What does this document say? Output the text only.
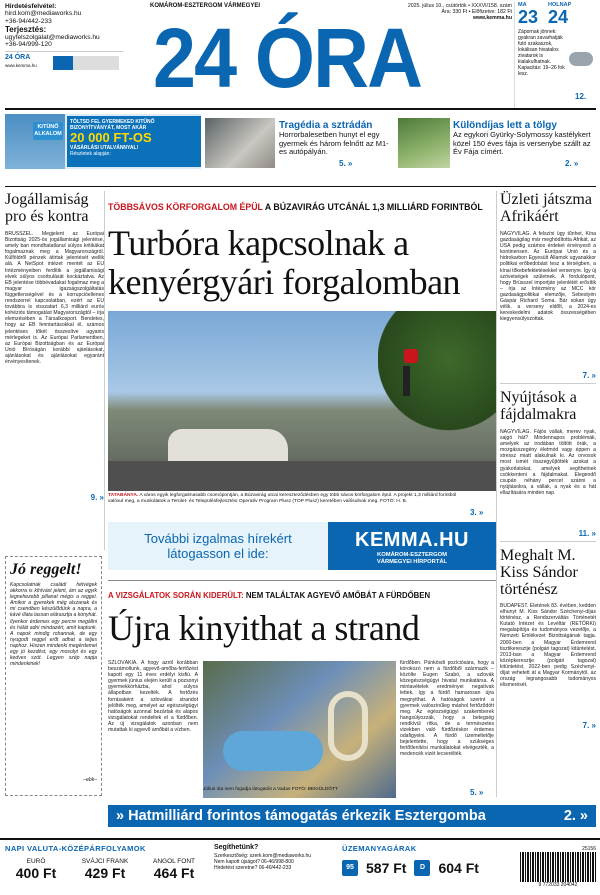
Hirdetésfelvétel:
hird.kom@mediaworks.hu
+36-94/442-233
Terjesztés:
ugyfelszolgalat@mediaworks.hu
+36-94/999-120
24 ÓRA
www.kemma.hu
KOMÁROM-ESZTERGOM VÁRMEGYEI	2025. július 10., csütörtök • XXXVI/158. szám
Ára: 330 Ft • Előfizetve: 182 Ft
www.kemma.hu
24 ÓRA
MA
23
HOLNAP
24
Zápornak jönnek: gyakran zavarhatják futó szakaszok, lokálisan hivatalos zivatarok is kialakulhatnak. Kapacitás: 19–26 fok lesz.
12.
KITÜNŐ ALKALOM
TÖLTSD FEL GYERMEKED KITŰNŐ BIZONYÍTVÁNYÁT, MOST AKÁR
20 000 FT-OS
VÁSÁRLÁSI UTALVÁNNYAL!
Részletek alapján:
Tragédia a sztrádán
Horrorbalesetben hunyt el egy gyermek és három felnőtt az M1-es autópályán.
5. »
Különdíjas lett a tölgy
Az egykori Gyürky-Solymossy kastélykert közel 150 éves fája is versenybe szállt az Év Fája címért.
2. »
Jogállamiság pro és kontra
BRÜSSZEL. Megjelent az Európai Bizottság 2025-ös jogállamisági jelentése, amely ban mondhatatlanul súlyos kritikákat fogalmaznak meg a Magyarországról. Külföldről pénzek átirtak jelentését wellik alá. A NetSpot intézet mentét az EU Intézményeiben ferdítik a jogállamisági elvek súlyos csorbulását kockáztatva. Az EB jelentése többévadakat fogalmaz meg a magyar igazságszolgáltatás függetlenségével és a korrupcióellenes rendszerrel kapcsolatban, ezért az EU továbbra is visszatart 6,3 milliárd eurós kohéziós támogatást Magyarországtól – írja elemzésében a Társalkosport. Bendetes, hogy az EB fenntartásokkal él, számos jelentéses tőkét összesítve ugyanis mérlegeket is. Az Európai Parlamentben, az Európai Bizottságban és az Európai Unió Bíróságán korábbi ajánlásokat, ajánlásokat és ajánlásokat egyaránt érvényesítenek.
9. »
Jó reggelt!
Kapcsolatnak családi hétvégek akkorra is kihívást jelent, ám az egyik legnehezebb pillanat mégis a reggel. Amikor a gyerekek még alszanak és mi csendben készülődünk a napra, a kávé illata lassan elárasztja a konyhát. Ilyenkor érdemes egy percre megállni és hálát adni mindazért, amit kaptunk. A napok mindig rohannak, de egy nyugodt reggel erőt adhat a teljes naphoz. Hiszen mindenki megérdemel egy jó kezdést, egy mosolyt és egy kedves szót. Legyen szép napja mindenkinek!
–ebk–
TÖBBSÁVOS KÖRFORGALOM ÉPÜL A BÚZAVIRÁG UTCÁNÁL 1,3 MILLIÁRD FORINTBÓL
Turbóra kapcsolnak a
kenyérgyári forgalomban
TATABÁNYA. A város egyik legforgalmasabb csomópontján, a Búzavirág utcai kereszteződésben egy több sávos körforgalom épül. A projekt 1,3 milliárd forintból valósul meg, a munkálatok a Terület- és Településfejlesztési Operatív Program Plusz (TOP Plusz) keretében valósulnak meg. FOTÓ: H. B.
3. »
További izgalmas hírekért
látogasson el ide:
KEMMA.HU
KOMÁROM-ESZTERGOM
VÁRMEGYEI HÍRPORTÁL
A VIZSGÁLATOK SORÁN KIDERÜLT: NEM TALÁLTAK AGYEVŐ AMŐBÁT A FÜRDŐBEN
Újra kinyithat a strand
SZLOVÁKIA. A hogy azról korábban beszámoltunk, agyevő-amőba-fertőzést kapott egy 11 éves erdélyi kisfiú. A gyermek június elején került a pozsonyi gyermekkórházba, ahol súlyos állapotban kezelték. A fertőzés forrásaként a szlovákiai strandot jelölték meg, amelyet az egészségügyi hatóságok azonnal bezártak és alapos vizsgálatokat rendeltek el a fürdőben. Az új vizsgálatok azonban nem mutattak ki agyevő amőbát a vízben.
Július óta nem fogadja látogatóit a Vadas FOTÓ: BEKIÜLDÖTT
fürdőben. Pünkösdi pozíciósára, hogy a kórokozó nem a fürdőből származik – közölte Eugen Szabó, a szlovák közegészségügyi hivatal munkatársa. A mintavételek eredményei negatívak lettek, így a fürdő hamarosan újra megnyithat. A hatóságok szerint a gyermek valószínűleg máshol fertőződött meg. Az egészségügyi szakemberek hangsúlyozzák, hogy a betegség rendkívül ritka, de a természetes vizekben való fürdőzéskor érdemes odafigyelni. A fürdő üzemeltetője bejelentette, hogy a szükséges fertőtlenítési munkálatokat elvégezték, a medencék vizét lecserélték.
5. »
Üzleti játszma Afrikáért
NAGYVILÁG. A felszíni ügy tűnhet, Kína gazdaságilag már meghódította Afrikát, az USA pedig számos érdeket érvényesít a kontinensen. Az Európai Unió és a hidrokarbon Egyesült Államok ugyanakkor politikai erőbedobást tesz a térségben, a kínai tőkebefektetésekkel versenyre. Így új szövetségek születnek. A fordulópont, hogy Brüsszel importján jelenlétét erősítik – írja az Intézmény az MCC kör gazdaságpolitikai elemzője, Sebestyén Gáspár Richard Soma. Bár sokan úgy vélik, a verseny eldőlt, a 2024-es kereskedelmi adatok összességében kiegyensúlyozottak.
7. »
Nyújtások a fájdalmakra
NAGYVILÁG. Fájós vállak, merev nyak, sajgó hát? Mindennapos problémák, amelyek az irodában töltött órák, a mozgásszegény életmód vagy éppen a stressz miatt alakulnak ki. Az orvosok most ismét összegyűjtötték azokat a gyakorlatokat, amelyek segíthetnek csökkenteni a fájdalmakat. Elegendő csupán néhány percet szánni a nyújtásokra, a vállak, a nyak és a hát ellazítására minden nap.
11. »
Meghalt M. Kiss Sándor történész
BUDAPEST. Életének 83. évében, kedden elhunyt M. Kiss Sándor Széchenyi-díjas történész, a Rendszerváltás Történetét Kutató Intézet és Levéltár (RETÖRKI) megalapítója és tudományos vezetője, a Nemzeti Emlékezet Bizottságának tagja. 2000-ben a Magyar Érdemrend tisztikeresztje (polgári tagozat) kitüntetést, 2013-ban a Magyar Érdemrend középkeresztje (polgári tagozat) kitüntetést, 2022-ben pedig Széchenyi-díjat vehetett át a Magyar Kormánytól, az ország legrangosabb tudományos elismerését.
7. »
» Hatmilliárd forintos támogatás érkezik Esztergomba	2. »
NAPI VALUTA-KÖZÉPÁRFOLYAMOK
EURÓ
400 Ft
SVÁJCI FRANK
429 Ft
ANGOL FONT
464 Ft
Segíthetünk?
Szerkesztőség: szerk.kom@mediaworks.hu
Nem kapott újságot? 06-46/998-800
Hirdetést szeretne? 06-40/442-233
ÜZEMANYAGÁRAK
95 587 Ft	D 604 Ft
25156
9 772033 204042
